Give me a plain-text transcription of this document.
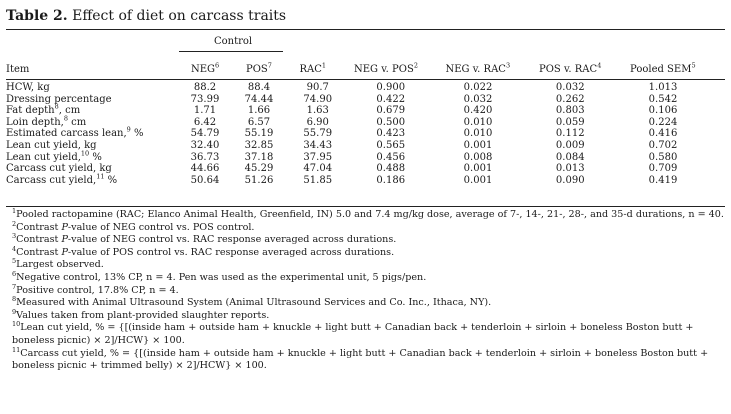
Table 2. Effect of diet on carcass traits
Control
Item	NEG$^6$	POS$^7$	RAC$^1$	NEG v. POS$^2$	NEG v. RAC$^3$	POS v. RAC$^4$	Pooled SEM$^5$
HCW, kg	88.2	88.4	90.7	0.900	0.022	0.032	1.013
Dressing percentage	73.99	74.44	74.90	0.422	0.032	0.262	0.542
Fat depth$^8$, cm	1.71	1.66	1.63	0.679	0.420	0.803	0.106
Loin depth,$^8$ cm	6.42	6.57	6.90	0.500	0.010	0.059	0.224
Estimated carcass lean,$^9$ %	54.79	55.19	55.79	0.423	0.010	0.112	0.416
Lean cut yield, kg	32.40	32.85	34.43	0.565	0.001	0.009	0.702
Lean cut yield,$^{10}$ %	36.73	37.18	37.95	0.456	0.008	0.084	0.580
Carcass cut yield, kg	44.66	45.29	47.04	0.488	0.001	0.013	0.709
Carcass cut yield,$^{11}$ %	50.64	51.26	51.85	0.186	0.001	0.090	0.419

$^1$Pooled ractopamine (RAC; Elanco Animal Health, Greenfield, IN) 5.0 and 7.4 mg/kg dose, average of 7-, 14-, 21-, 28-, and 35-d durations, n = 40.

$^2$Contrast P-value of NEG control vs. POS control.

$^3$Contrast P-value of NEG control vs. RAC response averaged across durations.

$^4$Contrast P-value of POS control vs. RAC response averaged across durations.

$^5$Largest observed.

$^6$Negative control, 13% CP, n = 4. Pen was used as the experimental unit, 5 pigs/pen.

$^7$Positive control, 17.8% CP, n = 4.

$^8$Measured with Animal Ultrasound System (Animal Ultrasound Services and Co. Inc., Ithaca, NY).

$^9$Values taken from plant-provided slaughter reports.

$^{10}$Lean cut yield, % = {[(inside ham + outside ham + knuckle + light butt + Canadian back + tenderloin + sirloin + boneless Boston butt + boneless picnic) × 2]/HCW} × 100.

$^{11}$Carcass cut yield, % = {[(inside ham + outside ham + knuckle + light butt + Canadian back + tenderloin + sirloin + boneless Boston butt + boneless picnic + trimmed belly) × 2]/HCW} × 100.
